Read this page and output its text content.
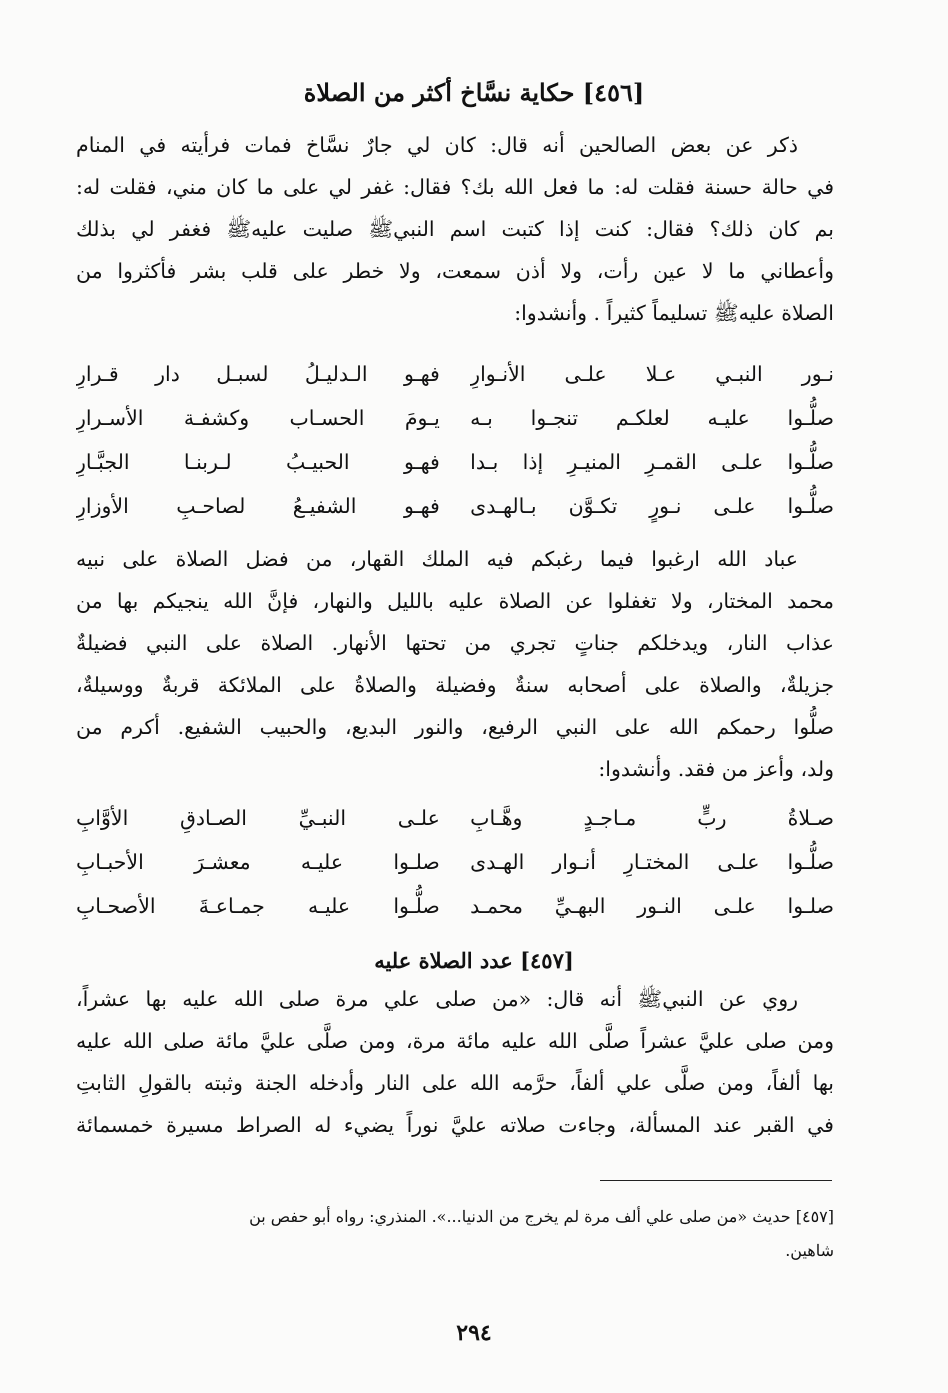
[٤٥٦] حكاية نسَّاخ أكثر من الصلاة
ذكر عن بعض الصالحين أنه قال: كان لي جارٌ نسَّاخ فمات فرأيته في المنام
في حالة حسنة فقلت له: ما فعل الله بك؟ فقال: غفر لي على ما كان مني، فقلت له:
بم كان ذلك؟ فقال: كنت إذا كتبت اسم النبيﷺ صليت عليهﷺ فغفر لي بذلك
وأعطاني ما لا عين رأت، ولا أذن سمعت، ولا خطر على قلب بشر فأكثروا من
الصلاة عليهﷺ تسليماً كثيراً . وأنشدوا:
نـور النبـي عـلا علـى الأنـوارِ
فهـو الـدليـلُ لسبـل دار قـرارِ
صلُّـوا عليـه لعلكـم تنجـوا بـه
يـومَ الحسـاب وكشفـة الأسـرارِ
صلُّـوا علـى القمـرِ المنيـرِ إذا بـدا
فهـو الحبيـبُ لـربنـا الجبَّـارِ
صلُّـوا علـى نـورٍ تكـوَّن بـالهـدى
فهـو الشفيـعُ لصاحـبِ الأوزارِ
عباد الله ارغبوا فيما رغبكم فيه الملك القهار، من فضل الصلاة على نبيه
محمد المختار، ولا تغفلوا عن الصلاة عليه بالليل والنهار، فإنَّ الله ينجيكم بها من
عذاب النار، ويدخلكم جناتٍ تجري من تحتها الأنهار. الصلاة على النبي فضيلةٌ
جزيلةٌ، والصلاة على أصحابه سنةٌ وفضيلة والصلاةُ على الملائكة قربةٌ ووسيلةٌ،
صلُّوا رحمكم الله على النبي الرفيع، والنور البديع، والحبيب الشفيع. أكرم من
ولد، وأعز من فقد. وأنشدوا:
صـلاةُ ربٍّ مـاجـدٍ وهَّـابِ
علـى النبـيِّ الصـادقِ الأوَّابِ
صلُّـوا علـى المختـارِ أنـوار الهـدى
صلـوا عليـه معشـرَ الأحبـابِ
صلـوا علـى النـور البهـيِّ محمـد
صلُّـوا عليـه جمـاعـةَ الأصحـابِ
[٤٥٧] عدد الصلاة عليه
روي عن النبيﷺ أنه قال: «من صلى علي مرة صلى الله عليه بها عشراً،
ومن صلى عليَّ عشراً صلَّى الله عليه مائة مرة، ومن صلَّى عليَّ مائة صلى الله عليه
بها ألفاً، ومن صلَّى علي ألفاً، حرَّمه الله على النار وأدخله الجنة وثبته بالقولِ الثابتِ
في القبر عند المسألة، وجاءت صلاته عليَّ نوراً يضيء له الصراط مسيرة خمسمائة
[٤٥٧] حديث «من صلى علي ألف مرة لم يخرج من الدنيا...». المنذري: رواه أبو حفص بن
شاهين.
٢٩٤
